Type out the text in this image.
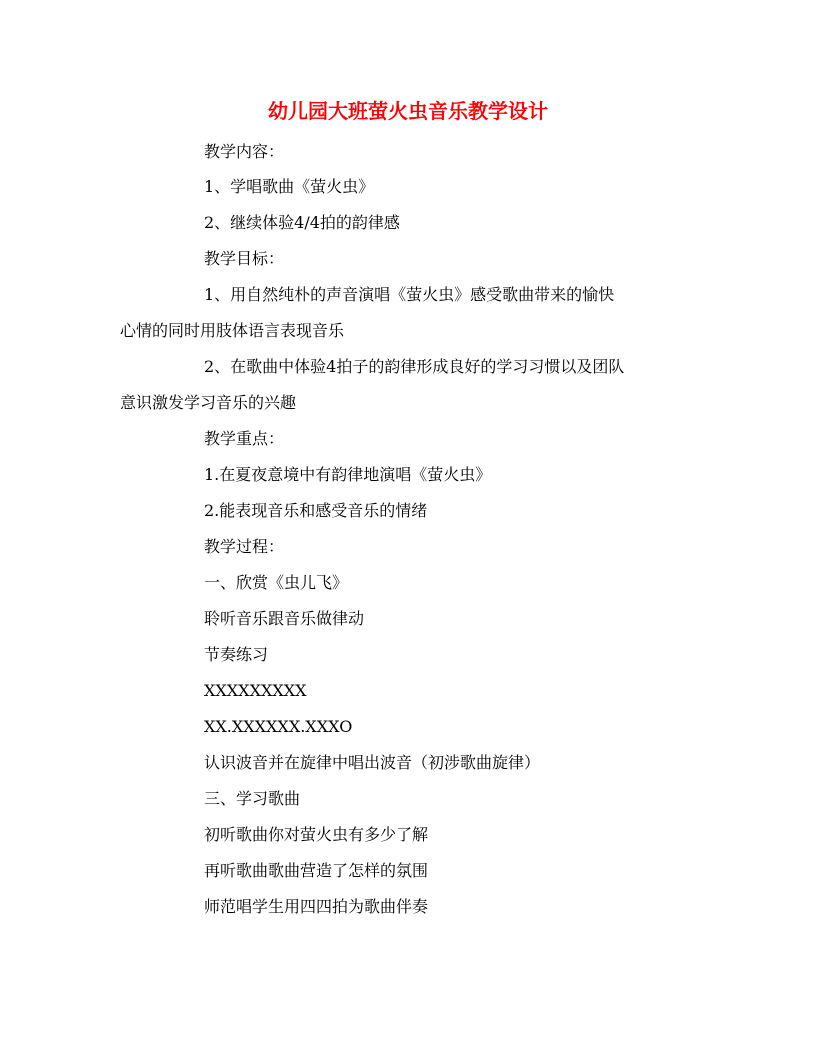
幼儿园大班萤火虫音乐教学设计
教学内容：
1、学唱歌曲《萤火虫》
2、继续体验4/4拍的韵律感
教学目标：
1、用自然纯朴的声音演唱《萤火虫》感受歌曲带来的愉快
心情的同时用肢体语言表现音乐
2、在歌曲中体验4拍子的韵律形成良好的学习习惯以及团队
意识激发学习音乐的兴趣
教学重点：
1.在夏夜意境中有韵律地演唱《萤火虫》
2.能表现音乐和感受音乐的情绪
教学过程：
一、欣赏《虫儿飞》
聆听音乐跟音乐做律动
节奏练习
XXXXXXXXX
XX.XXXXXX.XXXO
认识波音并在旋律中唱出波音（初涉歌曲旋律）
三、学习歌曲
初听歌曲你对萤火虫有多少了解
再听歌曲歌曲营造了怎样的氛围
师范唱学生用四四拍为歌曲伴奏
